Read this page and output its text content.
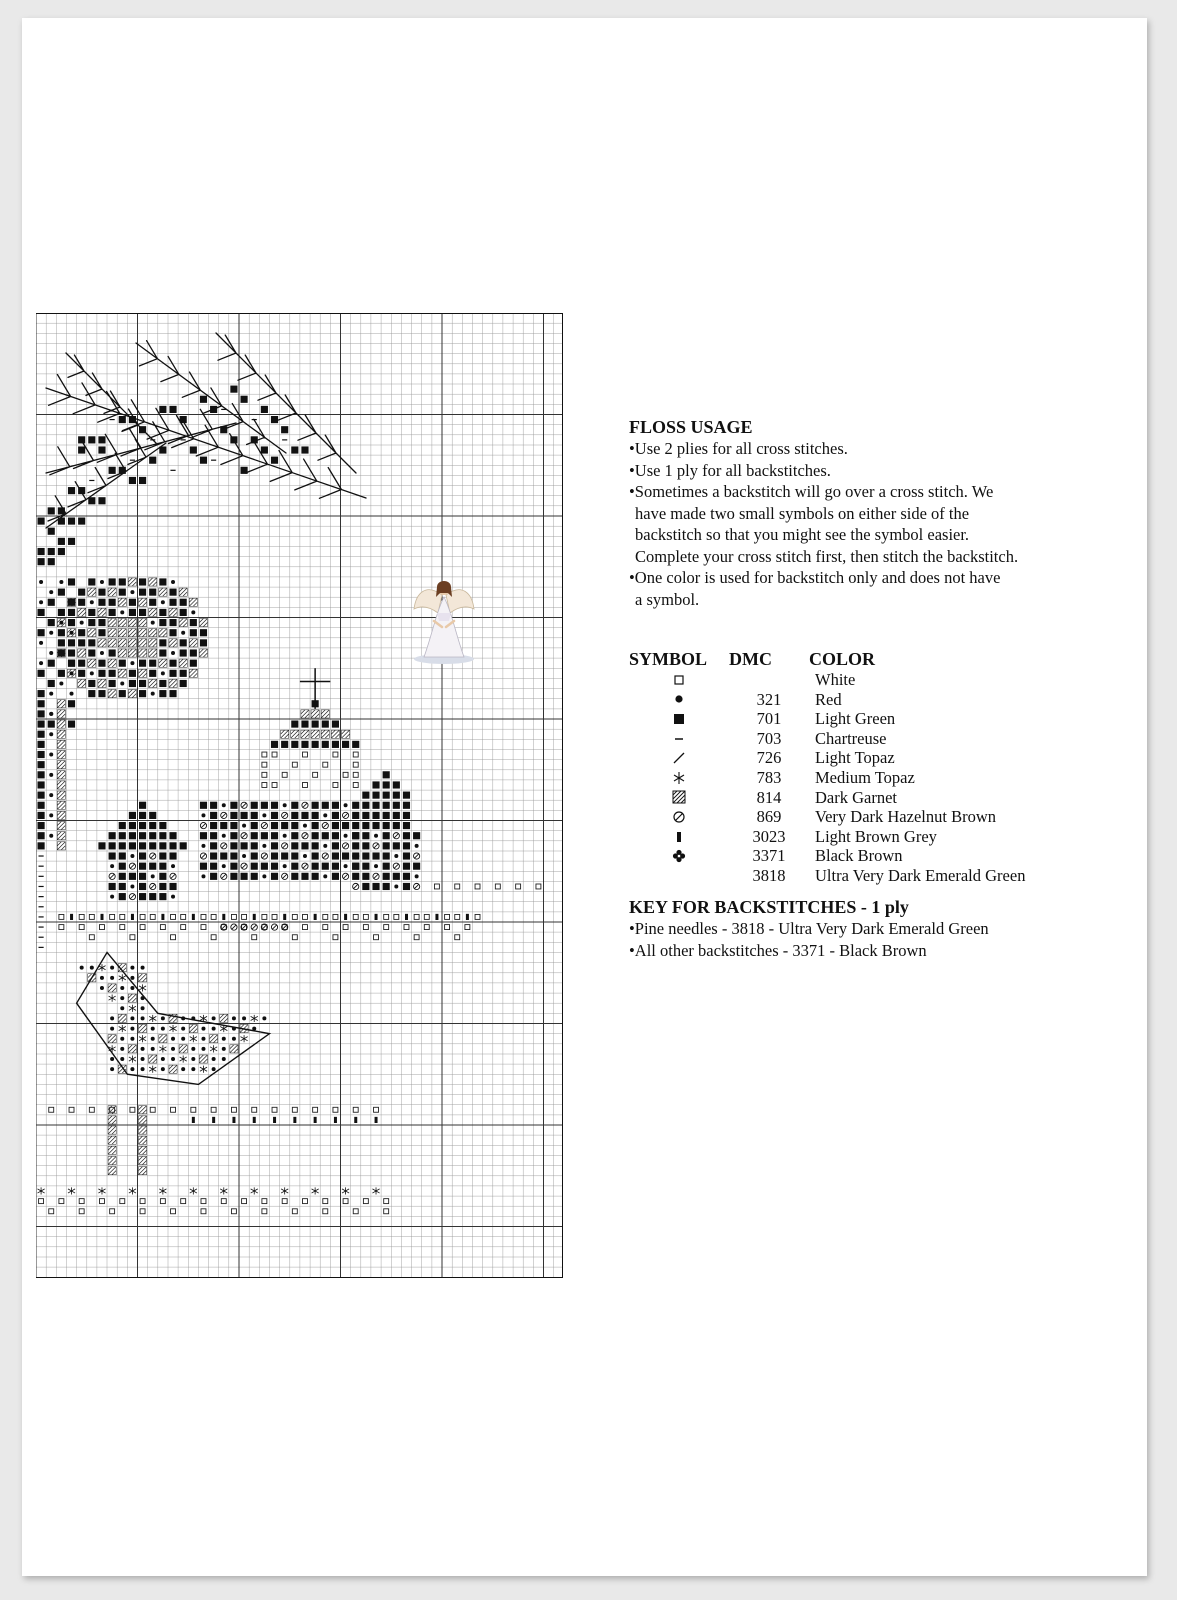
FLOSS USAGE

•Use 2 plies for all cross stitches.

•Use 1 ply for all backstitches.

•Sometimes a backstitch will go over a cross stitch. We

have made two small symbols on either side of the

backstitch so that you might see the symbol easier.

Complete your cross stitch first, then stitch the backstitch.

•One color is used for backstitch only and does not have

a symbol.

SYMBOL	DMC	COLOR
White
321	Red
701	Light Green
703	Chartreuse
726	Light Topaz
783	Medium Topaz
814	Dark Garnet
869	Very Dark Hazelnut Brown
3023	Light Brown Grey
3371	Black Brown
3818	Ultra Very Dark Emerald Green

KEY FOR BACKSTITCHES - 1 ply

•Pine needles - 3818 - Ultra Very Dark Emerald Green

•All other backstitches - 3371 - Black Brown
